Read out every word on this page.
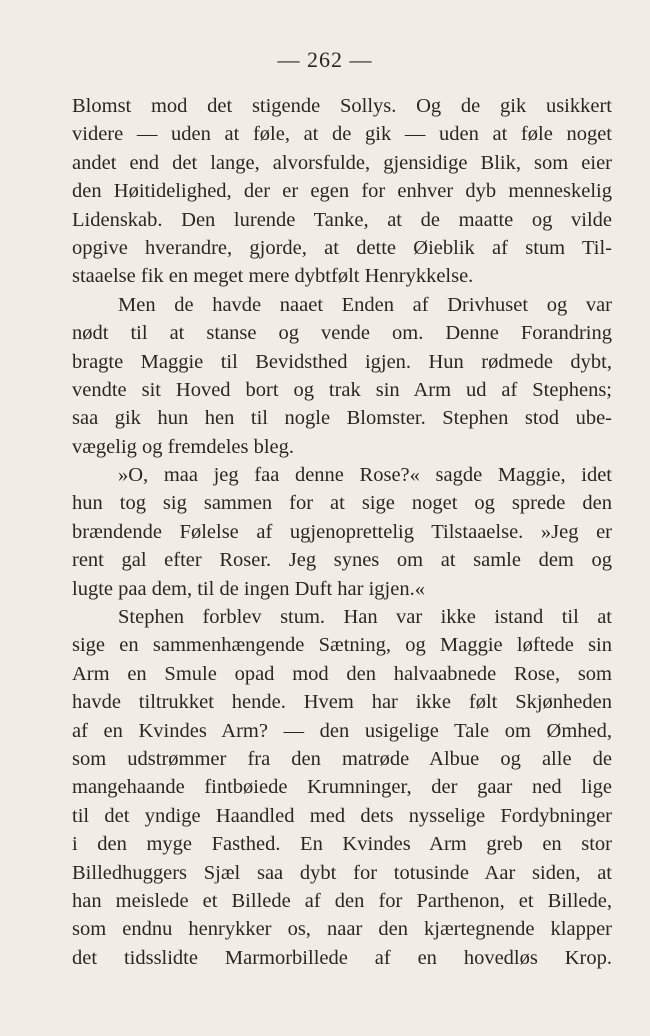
— 262 —
Blomst mod det stigende Sollys. Og de gik usikkert
videre — uden at føle, at de gik — uden at føle noget
andet end det lange, alvorsfulde, gjensidige Blik, som eier
den Høitidelighed, der er egen for enhver dyb menneskelig
Lidenskab. Den lurende Tanke, at de maatte og vilde
opgive hverandre, gjorde, at dette Øieblik af stum Til-
staaelse fik en meget mere dybtfølt Henrykkelse.
Men de havde naaet Enden af Drivhuset og var
nødt til at stanse og vende om. Denne Forandring
bragte Maggie til Bevidsthed igjen. Hun rødmede dybt,
vendte sit Hoved bort og trak sin Arm ud af Stephens;
saa gik hun hen til nogle Blomster. Stephen stod ube-
vægelig og fremdeles bleg.
»O, maa jeg faa denne Rose?« sagde Maggie, idet
hun tog sig sammen for at sige noget og sprede den
brændende Følelse af ugjenoprettelig Tilstaaelse. »Jeg er
rent gal efter Roser. Jeg synes om at samle dem og
lugte paa dem, til de ingen Duft har igjen.«
Stephen forblev stum. Han var ikke istand til at
sige en sammenhængende Sætning, og Maggie løftede sin
Arm en Smule opad mod den halvaabnede Rose, som
havde tiltrukket hende. Hvem har ikke følt Skjønheden
af en Kvindes Arm? — den usigelige Tale om Ømhed,
som udstrømmer fra den matrøde Albue og alle de
mangehaande fintbøiede Krumninger, der gaar ned lige
til det yndige Haandled med dets nysselige Fordybninger
i den myge Fasthed. En Kvindes Arm greb en stor
Billedhuggers Sjæl saa dybt for totusinde Aar siden, at
han meislede et Billede af den for Parthenon, et Billede,
som endnu henrykker os, naar den kjærtegnende klapper
det tidsslidte Marmorbillede af en hovedløs Krop.
